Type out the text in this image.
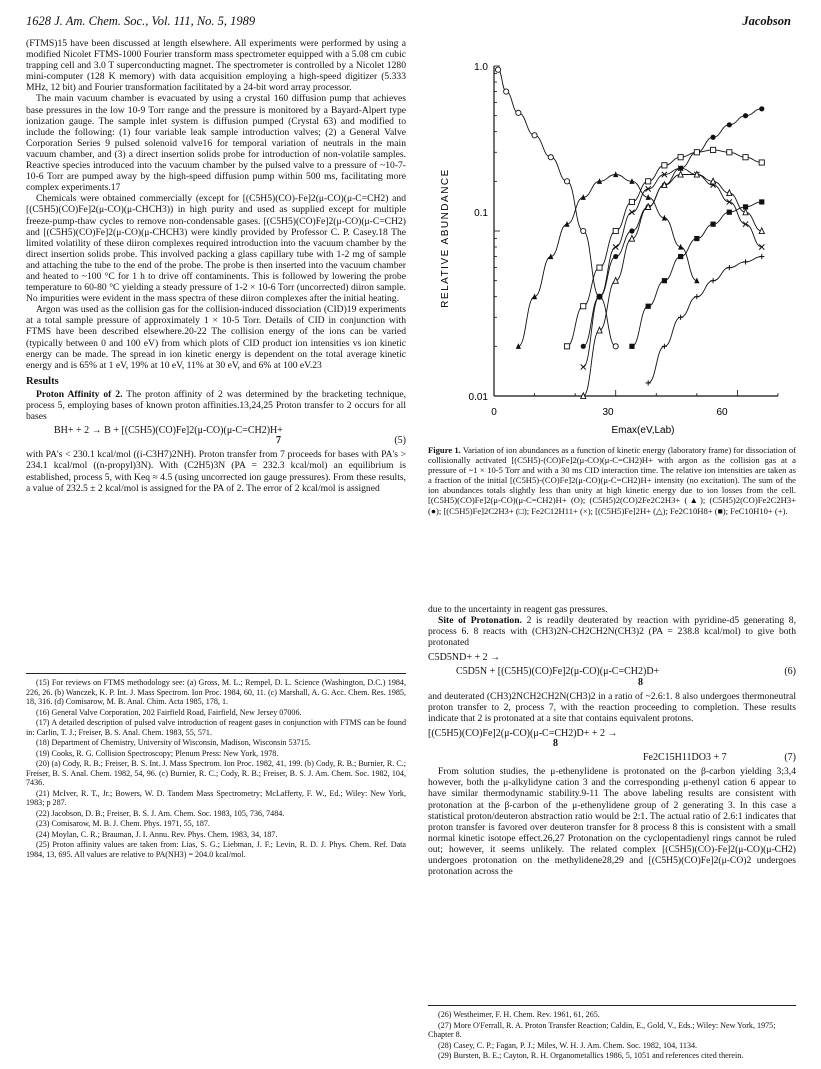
1628 J. Am. Chem. Soc., Vol. 111, No. 5, 1989	Jacobson

(FTMS)15 have been discussed at length elsewhere. All experiments were performed by using a modified Nicolet FTMS-1000 Fourier transform mass spectrometer equipped with a 5.08 cm cubic trapping cell and 3.0 T superconducting magnet. The spectrometer is controlled by a Nicolet 1280 mini-computer (128 K memory) with data acquisition employing a high-speed digitizer (5.333 MHz, 12 bit) and Fourier transformation facilitated by a 24-bit word array processor.

The main vacuum chamber is evacuated by using a crystal 160 diffusion pump that achieves base pressures in the low 10-9 Torr range and the pressure is monitored by a Bayard-Alpert type ionization gauge. The sample inlet system is diffusion pumped (Crystal 63) and modified to include the following: (1) four variable leak sample introduction valves; (2) a General Valve Corporation Series 9 pulsed solenoid valve16 for temporal variation of neutrals in the main vacuum chamber, and (3) a direct insertion solids probe for introduction of non-volatile samples. Reactive species introduced into the vacuum chamber by the pulsed valve to a pressure of ~10-7-10-6 Torr are pumped away by the high-speed diffusion pump within 500 ms, facilitating more complex experiments.17

Chemicals were obtained commercially (except for [(C5H5)(CO)-Fe]2(μ-CO)(μ-C=CH2) and [(C5H5)(CO)Fe]2(μ-CO)(μ-CHCH3)) in high purity and used as supplied except for multiple freeze-pump-thaw cycles to remove non-condensable gases. [(C5H5)(CO)Fe]2(μ-CO)(μ-C=CH2) and [(C5H5)(CO)Fe]2(μ-CO)(μ-CHCH3) were kindly provided by Professor C. P. Casey.18 The limited volatility of these diiron complexes required introduction into the vacuum chamber by the direct insertion solids probe. This involved packing a glass capillary tube with 1-2 mg of sample and attaching the tube to the end of the probe. The probe is then inserted into the vacuum chamber and heated to ~100 °C for 1 h to drive off contaminents. This is followed by lowering the probe temperature to 60-80 °C yielding a steady pressure of 1-2 × 10-6 Torr (uncorrected) diiron sample. No impurities were evident in the mass spectra of these diiron complexes after the initial heating.

Argon was used as the collision gas for the collision-induced dissociation (CID)19 experiments at a total sample pressure of approximately 1 × 10-5 Torr. Details of CID in conjunction with FTMS have been described elsewhere.20-22 The collision energy of the ions can be varied (typically between 0 and 100 eV) from which plots of CID product ion intensities vs ion kinetic energy can be made. The spread in ion kinetic energy is dependent on the total average kinetic energy and is 65% at 1 eV, 19% at 10 eV, 11% at 30 eV, and 6% at 100 eV.23

Results

Proton Affinity of 2. The proton affinity of 2 was determined by the bracketing technique, process 5, employing bases of known proton affinities.13,24,25 Proton transfer to 2 occurs for all bases

BH+ + 2 → B + [(C5H5)(CO)Fe]2(μ-CO)(μ-C=CH2)H+
7	(5)

with PA's < 230.1 kcal/mol ((i-C3H7)2NH). Proton transfer from 7 proceeds for bases with PA's > 234.1 kcal/mol ((n-propyl)3N). With (C2H5)3N (PA = 232.3 kcal/mol) an equilibrium is established, process 5, with Keq ≈ 4.5 (using uncorrected ion gauge pressures). From these results, a value of 232.5 ± 2 kcal/mol is assigned for the PA of 2. The error of 2 kcal/mol is assigned

(15) For reviews on FTMS methodology see: (a) Gross, M. L.; Rempel, D. L. Science (Washington, D.C.) 1984, 226, 26. (b) Wanczek, K. P. Int. J. Mass Spectrom. Ion Proc. 1984, 60, 11. (c) Marshall, A. G. Acc. Chem. Res. 1985, 18, 316. (d) Comisarow, M. B. Anal. Chim. Acta 1985, 178, 1.

(16) General Valve Corporation, 202 Fairfield Road, Fairfield, New Jersey 07006.

(17) A detailed description of pulsed valve introduction of reagent gases in conjunction with FTMS can be found in: Carlin, T. J.; Freiser, B. S. Anal. Chem. 1983, 55, 571.

(18) Department of Chemistry, University of Wisconsin, Madison, Wisconsin 53715.

(19) Cooks, R. G. Collision Spectroscopy; Plenum Press: New York, 1978.

(20) (a) Cody, R. B.; Freiser, B. S. Int. J. Mass Spectrom. Ion Proc. 1982, 41, 199. (b) Cody, R. B.; Burnier, R. C.; Freiser, B. S. Anal. Chem. 1982, 54, 96. (c) Burnier, R. C.; Cody, R. B.; Freiser, B. S. J. Am. Chem. Soc. 1982, 104, 7436.

(21) McIver, R. T., Jr.; Bowers, W. D. Tandem Mass Spectrometry; McLafferty, F. W., Ed.; Wiley: New York, 1983; p 287.

(22) Jacobson, D. B.; Freiser, B. S. J. Am. Chem. Soc. 1983, 105, 736, 7484.

(23) Comisarow, M. B. J. Chem. Phys. 1971, 55, 187.

(24) Moylan, C. R.; Brauman, J. I. Annu. Rev. Phys. Chem. 1983, 34, 187.

(25) Proton affinity values are taken from: Lias, S. G.; Liebman, J. F.; Levin, R. D. J. Phys. Chem. Ref. Data 1984, 13, 695. All values are relative to PA(NH3) = 204.0 kcal/mol.

RELATIVE ABUNDANCE
Emax(eV,Lab)
1.0
0.1
0.01
0	30	60
Figure 1. Variation of ion abundances as a function of kinetic energy (laboratory frame) for dissociation of collisionally activated [(C5H5)-(CO)Fe]2(μ-CO)(μ-C=CH2)H+ with argon as the collision gas at a pressure of ~1 × 10-5 Torr and with a 30 ms CID interaction time. The relative ion intensities are taken as a fraction of the initial [(C5H5)-(CO)Fe]2(μ-CO)(μ-C=CH2)H+ intensity (no excitation). The sum of the ion abundances totals slightly less than unity at high kinetic energy due to ion losses from the cell. [(C5H5)(CO)Fe]2(μ-CO)(μ-C=CH2)H+ (O); (C5H5)2(CO)2Fe2C2H3+ (▲); (C5H5)2(CO)Fe2C2H3+ (●); [(C5H5)Fe]2C2H3+ (□); Fe2C12H11+ (×); [(C5H5)Fe]2H+ (△); Fe2C10H8+ (■); FeC10H10+ (+).

due to the uncertainty in reagent gas pressures.

Site of Protonation. 2 is readily deuterated by reaction with pyridine-d5 generating 8, process 6. 8 reacts with (CH3)2N-CH2CH2N(CH3)2 (PA = 238.8 kcal/mol) to give both protonated

C5D5ND+ + 2 →
C5D5N + [(C5H5)(CO)Fe]2(μ-CO)(μ-C=CH2)D+	(6)
8

and deuterated (CH3)2NCH2CH2N(CH3)2 in a ratio of ~2.6:1. 8 also undergoes thermoneutral proton transfer to 2, process 7, with the reaction proceeding to completion. These results indicate that 2 is protonated at a site that contains equivalent protons.

[(C5H5)(CO)Fe]2(μ-CO)(μ-C=CH2)D+ + 2 →
8
Fe2C15H11DO3 + 7	(7)

From solution studies, the μ-ethenylidene is protonated on the β-carbon yielding 3;3,4 however, both the μ-alkylidyne cation 3 and the corresponding μ-ethenyl cation 6 appear to have similar thermodynamic stability.9-11 The above labeling results are consistent with protonation at the β-carbon of the μ-ethenylidene group of 2 generating 3. In this case a statistical proton/deuteron abstraction ratio would be 2:1. The actual ratio of 2.6:1 indicates that proton transfer is favored over deuteron transfer for 8 process 8 this is consistent with a small normal kinetic isotope effect.26,27 Protonation on the cyclopentadienyl rings cannot be ruled out; however, it seems unlikely. The related complex [(C5H5)(CO)-Fe]2(μ-CO)(μ-CH2) undergoes protonation on the methylidene28,29 and [(C5H5)(CO)Fe]2(μ-CO)2 undergoes protonation across the

(26) Westheimer, F. H. Chem. Rev. 1961, 61, 265.

(27) More O'Ferrall, R. A. Proton Transfer Reaction; Caldin, E., Gold, V., Eds.; Wiley: New York, 1975; Chapter 8.

(28) Casey, C. P.; Fagan, P. J.; Miles, W. H. J. Am. Chem. Soc. 1982, 104, 1134.

(29) Bursten, B. E.; Cayton, R. H. Organometallics 1986, 5, 1051 and references cited therein.
